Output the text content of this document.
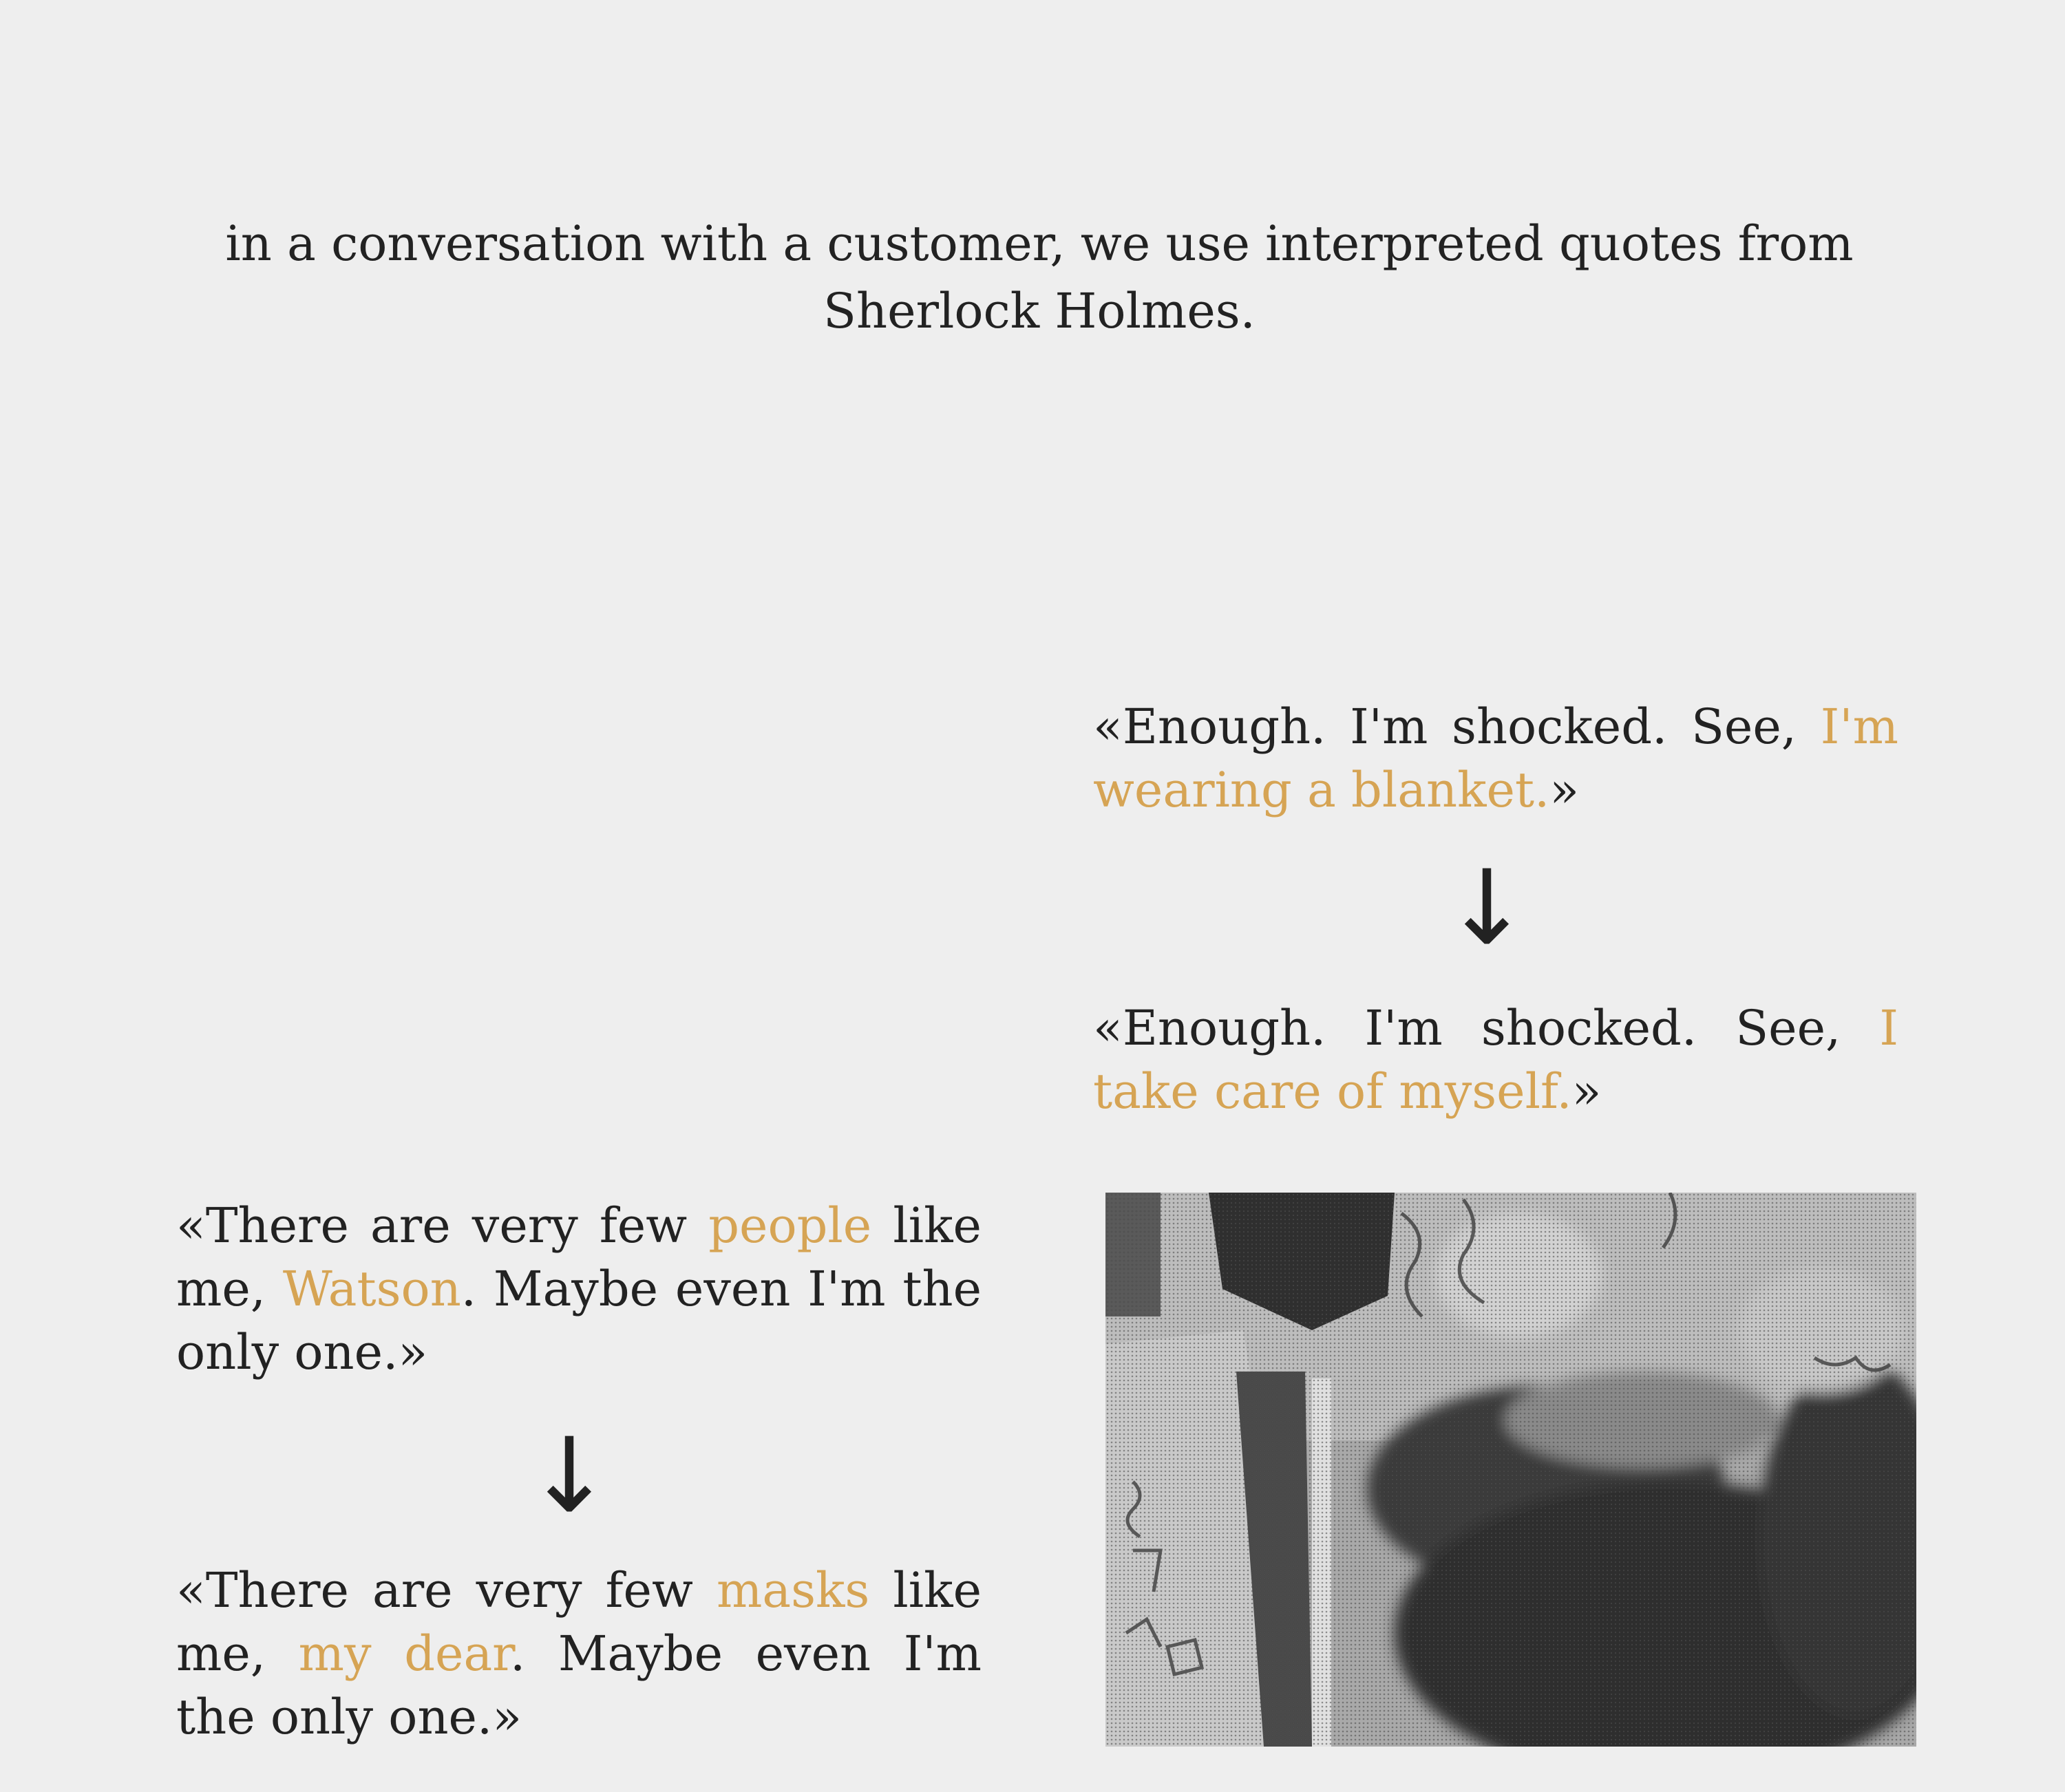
in a conversation with a customer, we use interpreted quotes from Sherlock Holmes.

«Enough. I'm shocked. See, I'm wearing a blanket.»

↓

«Enough. I'm shocked. See, I take care of myself.»

«There are very few people like me, Watson. Maybe even I'm the only one.»

↓

«There are very few masks like me, my dear. Maybe even I'm the only one.»
